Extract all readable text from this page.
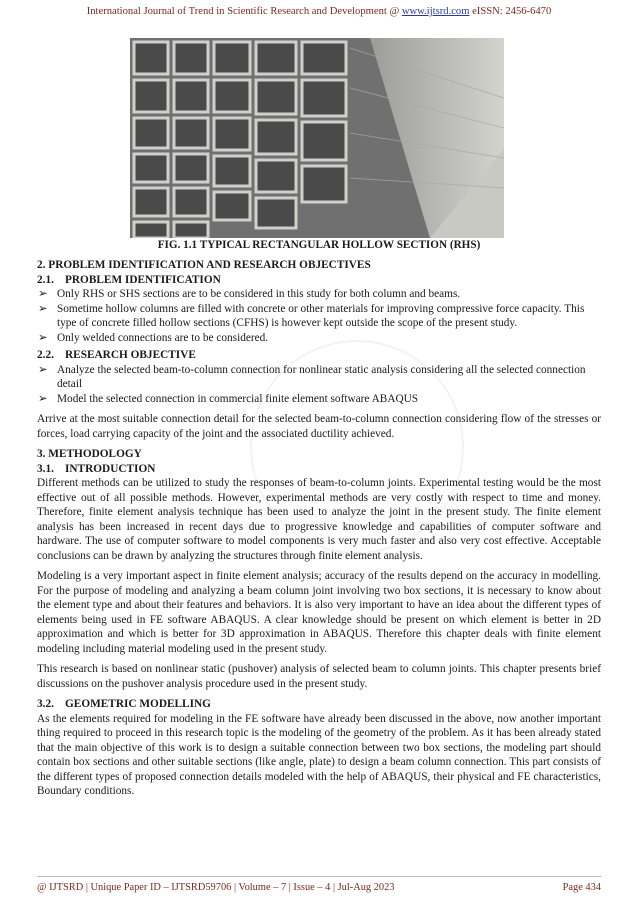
International Journal of Trend in Scientific Research and Development @ www.ijtsrd.com eISSN: 2456-6470
FIG. 1.1 TYPICAL RECTANGULAR HOLLOW SECTION (RHS)
2. PROBLEM IDENTIFICATION AND RESEARCH OBJECTIVES
2.1. PROBLEM IDENTIFICATION
➢ Only RHS or SHS sections are to be considered in this study for both column and beams.
➢ Sometime hollow columns are filled with concrete or other materials for improving compressive force capacity. This type of concrete filled hollow sections (CFHS) is however kept outside the scope of the present study.
➢ Only welded connections are to be considered.
2.2. RESEARCH OBJECTIVE
➢ Analyze the selected beam-to-column connection for nonlinear static analysis considering all the selected connection detail
➢ Model the selected connection in commercial finite element software ABAQUS

Arrive at the most suitable connection detail for the selected beam-to-column connection considering flow of the stresses or forces, load carrying capacity of the joint and the associated ductility achieved.

3. METHODOLOGY
3.1. INTRODUCTION

Different methods can be utilized to study the responses of beam-to-column joints. Experimental testing would be the most effective out of all possible methods. However, experimental methods are very costly with respect to time and money. Therefore, finite element analysis technique has been used to analyze the joint in the present study. The finite element analysis has been increased in recent days due to progressive knowledge and capabilities of computer software and hardware. The use of computer software to model components is very much faster and also very cost effective. Acceptable conclusions can be drawn by analyzing the structures through finite element analysis.

Modeling is a very important aspect in finite element analysis; accuracy of the results depend on the accuracy in modelling. For the purpose of modeling and analyzing a beam column joint involving two box sections, it is necessary to know about the element type and about their features and behaviors. It is also very important to have an idea about the different types of elements being used in FE software ABAQUS. A clear knowledge should be present on which element is better in 2D approximation and which is better for 3D approximation in ABAQUS. Therefore this chapter deals with finite element modeling including material modeling used in the present study.

This research is based on nonlinear static (pushover) analysis of selected beam to column joints. This chapter presents brief discussions on the pushover analysis procedure used in the present study.

3.2. GEOMETRIC MODELLING

As the elements required for modeling in the FE software have already been discussed in the above, now another important thing required to proceed in this research topic is the modeling of the geometry of the problem. As it has been already stated that the main objective of this work is to design a suitable connection between two box sections, the modeling part should contain box sections and other suitable sections (like angle, plate) to design a beam column connection. This part consists of the different types of proposed connection details modeled with the help of ABAQUS, their physical and FE characteristics, Boundary conditions.

@ IJTSRD | Unique Paper ID – IJTSRD59706 | Volume – 7 | Issue – 4 | Jul-Aug 2023	Page 434
